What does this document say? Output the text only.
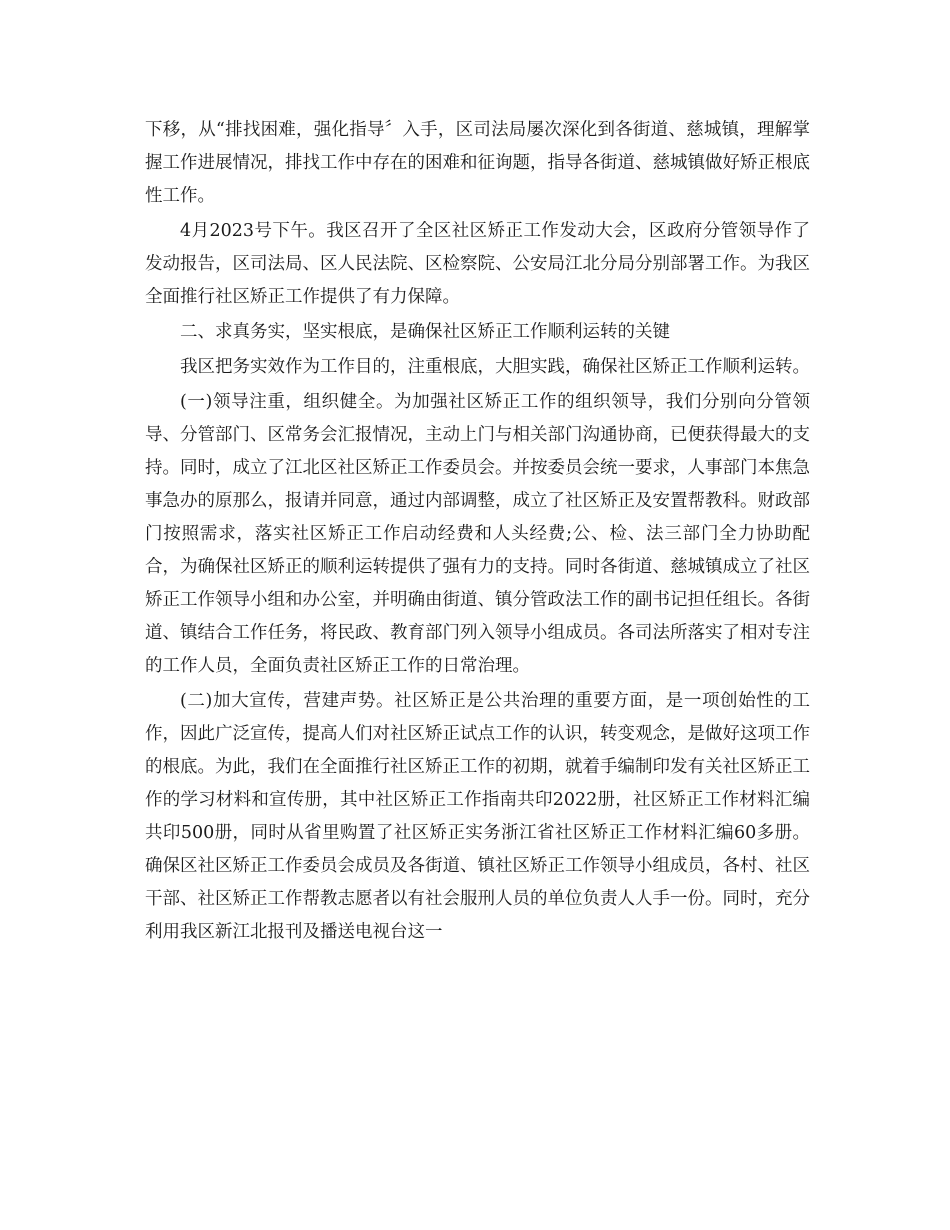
下移，从“排找困难，强化指导〞入手，区司法局屡次深化到各街道、慈城镇，理解掌握工作进展情况，排找工作中存在的困难和征询题，指导各街道、慈城镇做好矫正根底性工作。

4月2023号下午。我区召开了全区社区矫正工作发动大会，区政府分管领导作了发动报告，区司法局、区人民法院、区检察院、公安局江北分局分别部署工作。为我区全面推行社区矫正工作提供了有力保障。

二、求真务实，坚实根底，是确保社区矫正工作顺利运转的关键

我区把务实效作为工作目的，注重根底，大胆实践，确保社区矫正工作顺利运转。

(一)领导注重，组织健全。为加强社区矫正工作的组织领导，我们分别向分管领导、分管部门、区常务会汇报情况，主动上门与相关部门沟通协商，已便获得最大的支持。同时，成立了江北区社区矫正工作委员会。并按委员会统一要求，人事部门本焦急事急办的原那么，报请并同意，通过内部调整，成立了社区矫正及安置帮教科。财政部门按照需求，落实社区矫正工作启动经费和人头经费;公、检、法三部门全力协助配合，为确保社区矫正的顺利运转提供了强有力的支持。同时各街道、慈城镇成立了社区矫正工作领导小组和办公室，并明确由街道、镇分管政法工作的副书记担任组长。各街道、镇结合工作任务，将民政、教育部门列入领导小组成员。各司法所落实了相对专注的工作人员，全面负责社区矫正工作的日常治理。

(二)加大宣传，营建声势。社区矫正是公共治理的重要方面，是一项创始性的工作，因此广泛宣传，提高人们对社区矫正试点工作的认识，转变观念，是做好这项工作的根底。为此，我们在全面推行社区矫正工作的初期，就着手编制印发有关社区矫正工作的学习材料和宣传册，其中社区矫正工作指南共印2022册，社区矫正工作材料汇编共印500册，同时从省里购置了社区矫正实务浙江省社区矫正工作材料汇编60多册。确保区社区矫正工作委员会成员及各街道、镇社区矫正工作领导小组成员，各村、社区干部、社区矫正工作帮教志愿者以有社会服刑人员的单位负责人人手一份。同时，充分利用我区新江北报刊及播送电视台这一
